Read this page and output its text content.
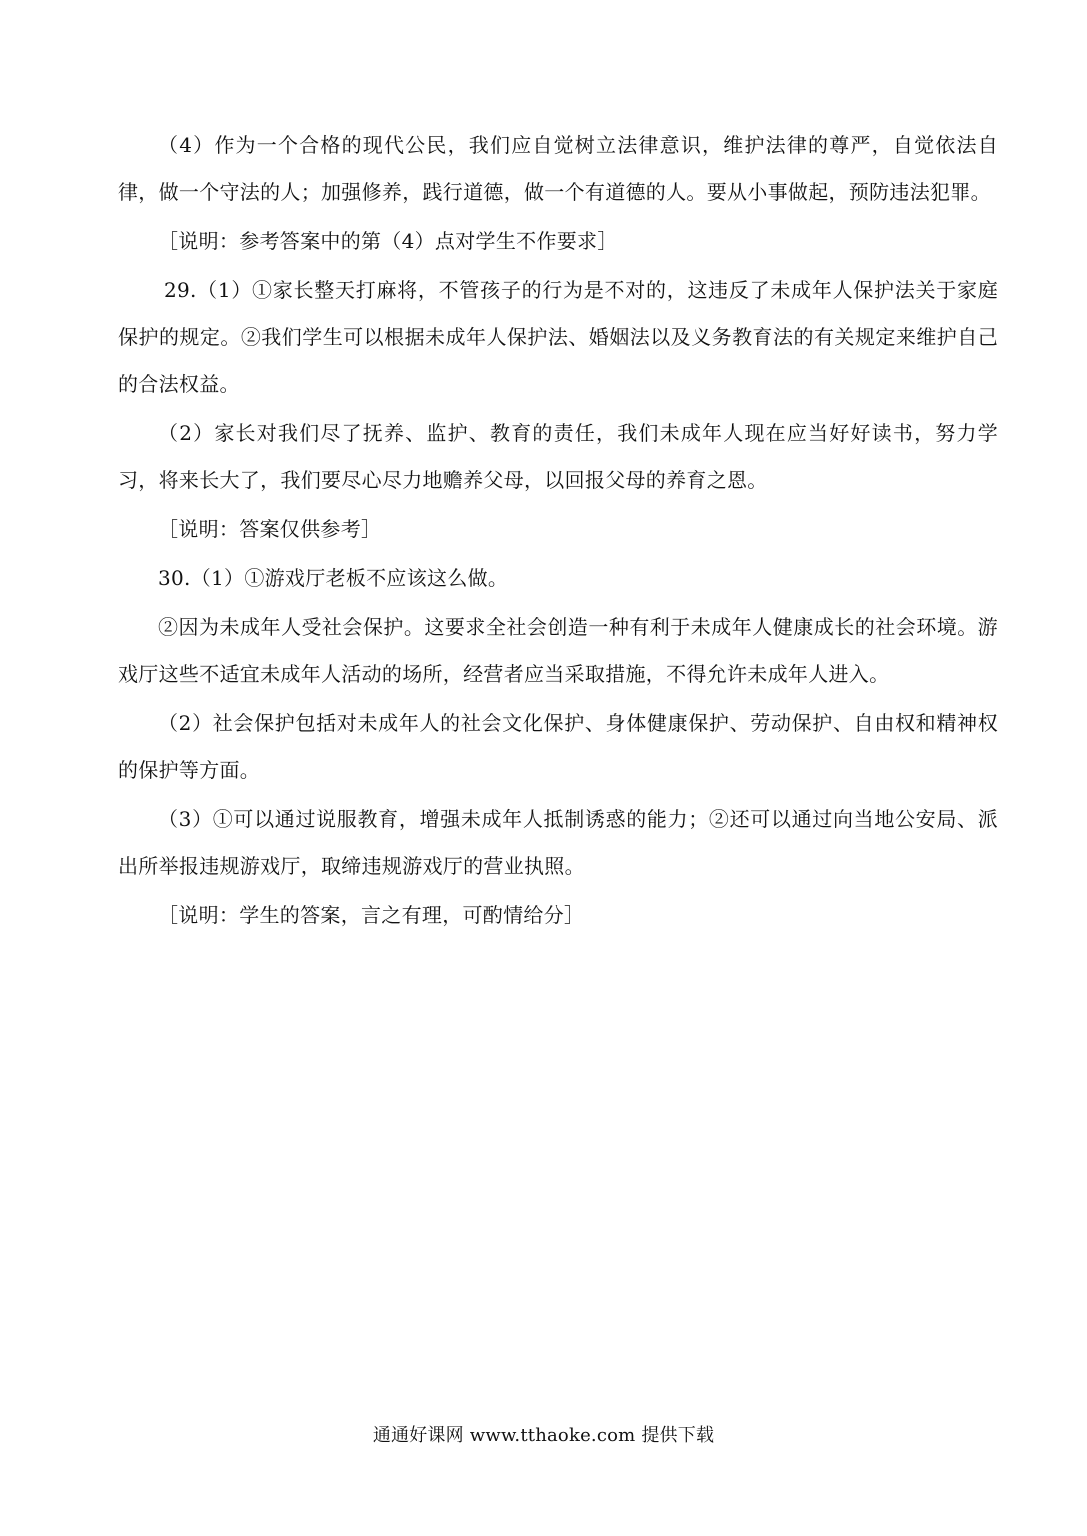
（4）作为一个合格的现代公民，我们应自觉树立法律意识，维护法律的尊严，自觉依法自律，做一个守法的人；加强修养，践行道德，做一个有道德的人。要从小事做起，预防违法犯罪。

［说明：参考答案中的第（4）点对学生不作要求］

29.（1）①家长整天打麻将，不管孩子的行为是不对的，这违反了未成年人保护法关于家庭保护的规定。②我们学生可以根据未成年人保护法、婚姻法以及义务教育法的有关规定来维护自己的合法权益。

（2）家长对我们尽了抚养、监护、教育的责任，我们未成年人现在应当好好读书，努力学习，将来长大了，我们要尽心尽力地赡养父母，以回报父母的养育之恩。

［说明：答案仅供参考］

30.（1）①游戏厅老板不应该这么做。

②因为未成年人受社会保护。这要求全社会创造一种有利于未成年人健康成长的社会环境。游戏厅这些不适宜未成年人活动的场所，经营者应当采取措施，不得允许未成年人进入。

（2）社会保护包括对未成年人的社会文化保护、身体健康保护、劳动保护、自由权和精神权的保护等方面。

（3）①可以通过说服教育，增强未成年人抵制诱惑的能力；②还可以通过向当地公安局、派出所举报违规游戏厅，取缔违规游戏厅的营业执照。

［说明：学生的答案，言之有理，可酌情给分］

通通好课网 www.tthaoke.com 提供下载
